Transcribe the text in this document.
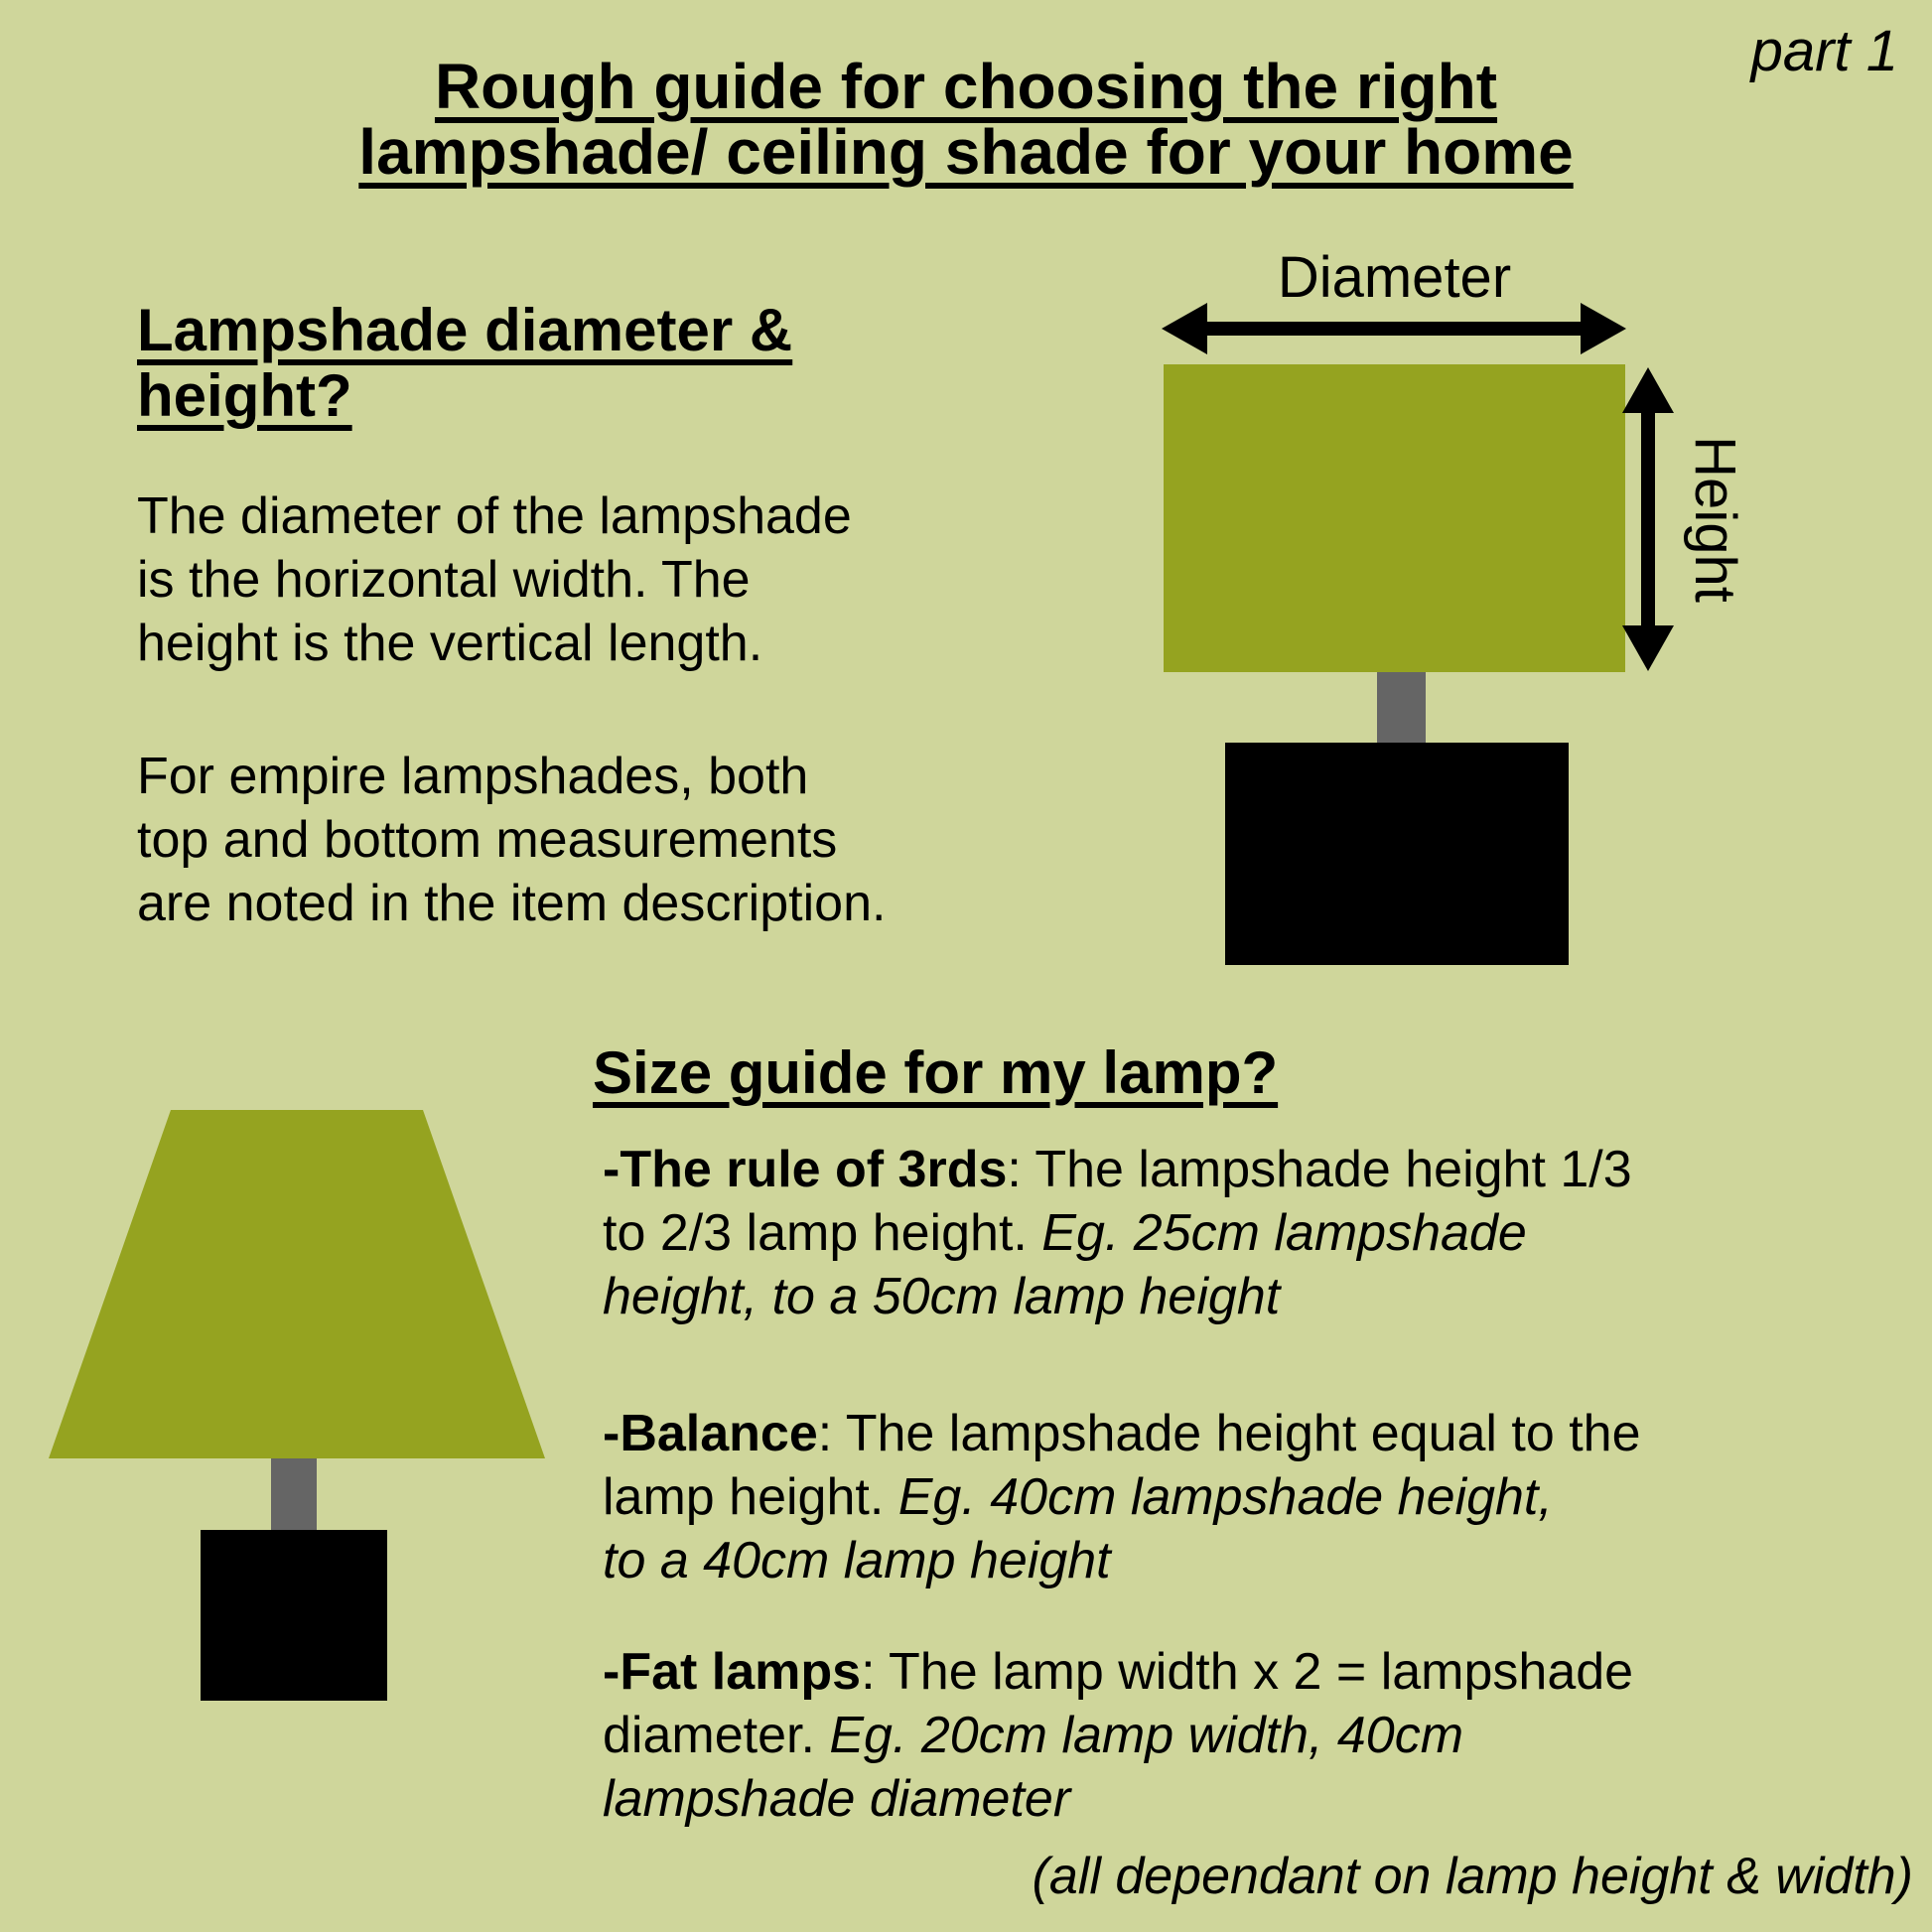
part 1
Rough guide for choosing the right
lampshade/ ceiling shade for your home
Lampshade diameter &
height?
The diameter of the lampshade
is the horizontal width. The
height is the vertical length.
For empire lampshades, both
top and bottom measurements
are noted in the item description.
Diameter
Height
Size guide for my lamp?
-The rule of 3rds: The lampshade height 1/3
to 2/3 lamp height. Eg. 25cm lampshade
height, to a 50cm lamp height
-Balance: The lampshade height equal to the
lamp height. Eg. 40cm lampshade height,
to a 40cm lamp height
-Fat lamps: The lamp width x 2 = lampshade
diameter. Eg. 20cm lamp width, 40cm
lampshade diameter
(all dependant on lamp height & width)
